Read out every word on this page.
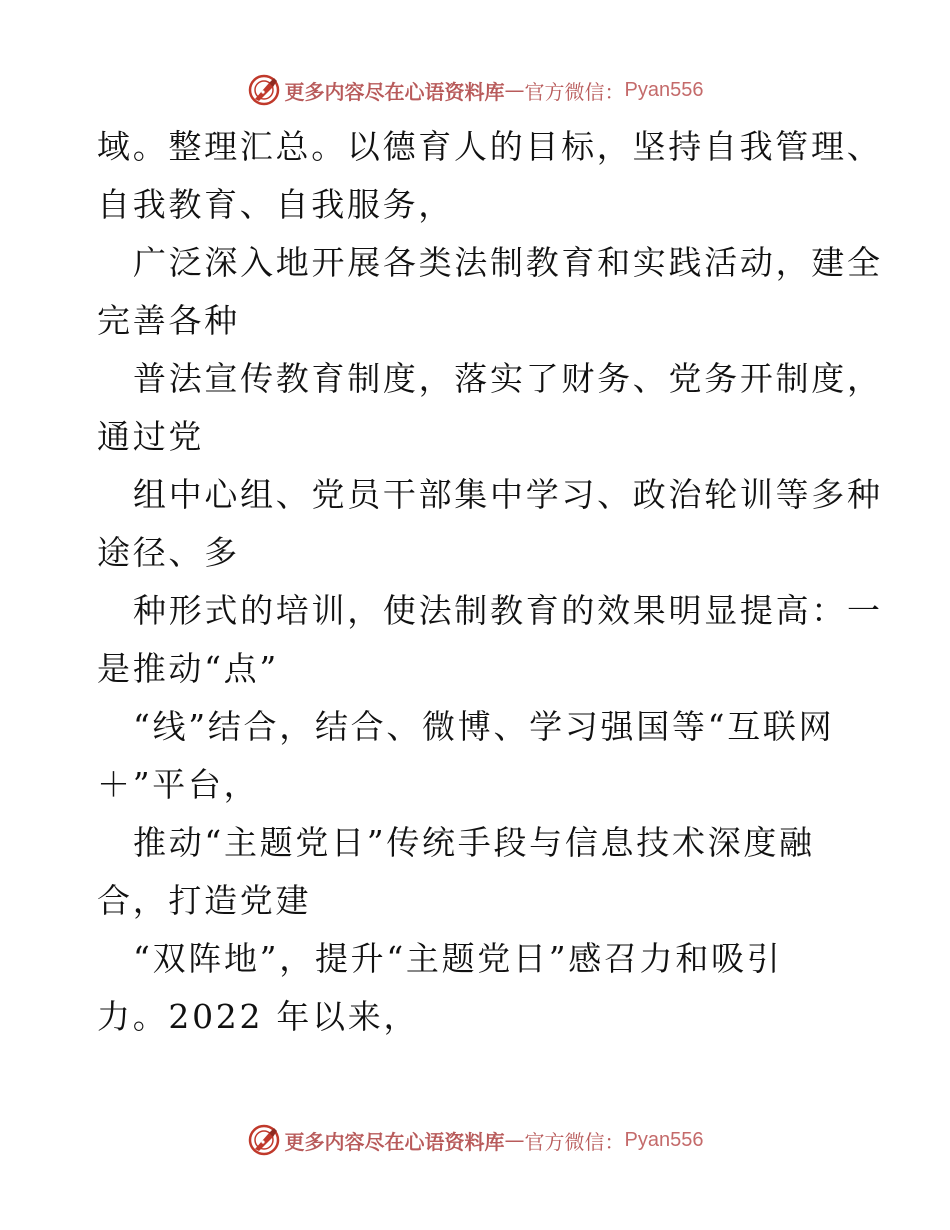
更多内容尽在心语资料库 — 官方微信： Pyan556
域。整理汇总。以德育人的目标，坚持自我管理、
自我教育、自我服务，
广泛深入地开展各类法制教育和实践活动，建全
完善各种
普法宣传教育制度，落实了财务、党务开制度，
通过党
组中心组、党员干部集中学习、政治轮训等多种
途径、多
种形式的培训，使法制教育的效果明显提高：一
是推动“点”
“线”结合，结合、微博、学习强国等“互联网
＋”平台，
推动“主题党日”传统手段与信息技术深度融
合，打造党建
“双阵地”，提升“主题党日”感召力和吸引
力。2022 年以来，
更多内容尽在心语资料库 — 官方微信： Pyan556
